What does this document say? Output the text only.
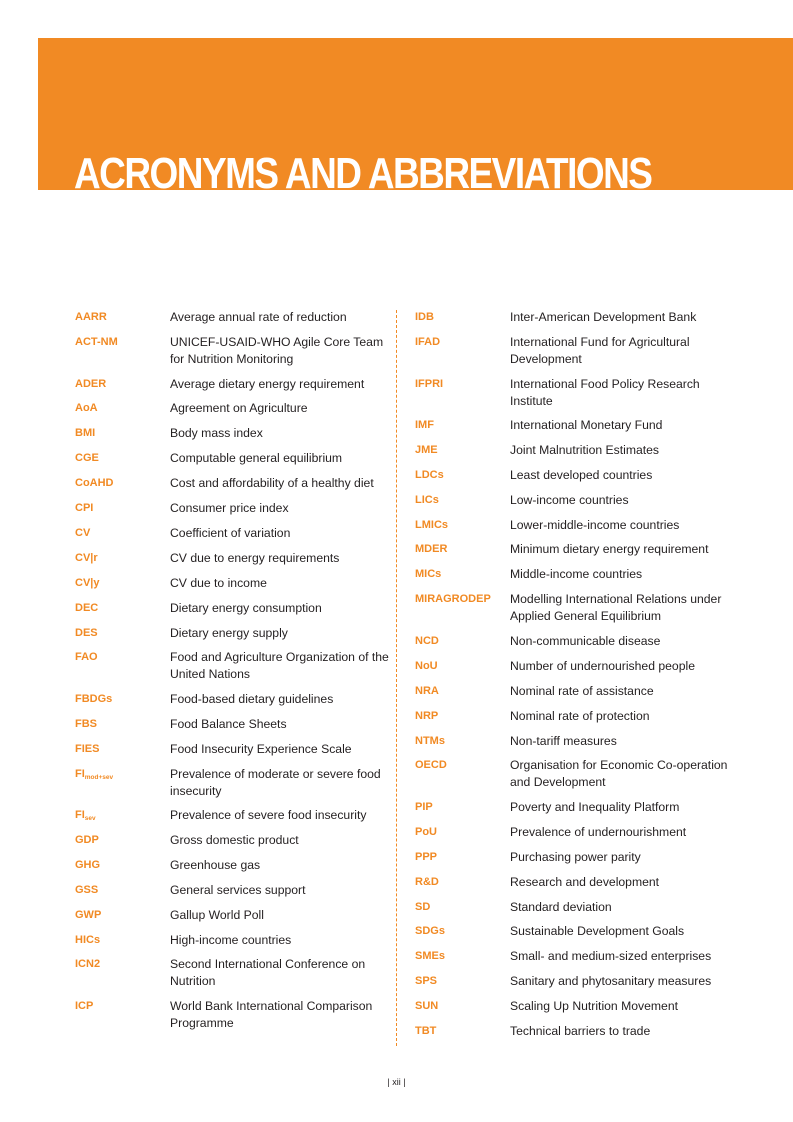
ACRONYMS AND ABBREVIATIONS
AARR	Average annual rate of reduction
ACT-NM	UNICEF-USAID-WHO Agile Core Team for Nutrition Monitoring
ADER	Average dietary energy requirement
AoA	Agreement on Agriculture
BMI	Body mass index
CGE	Computable general equilibrium
CoAHD	Cost and affordability of a healthy diet
CPI	Consumer price index
CV	Coefficient of variation
CV|r	CV due to energy requirements
CV|y	CV due to income
DEC	Dietary energy consumption
DES	Dietary energy supply
FAO	Food and Agriculture Organization of the United Nations
FBDGs	Food-based dietary guidelines
FBS	Food Balance Sheets
FIES	Food Insecurity Experience Scale
$FI_{mod+sev}$	Prevalence of moderate or severe food insecurity
$FI_{sev}$	Prevalence of severe food insecurity
GDP	Gross domestic product
GHG	Greenhouse gas
GSS	General services support
GWP	Gallup World Poll
HICs	High-income countries
ICN2	Second International Conference on Nutrition
ICP	World Bank International Comparison Programme
IDB	Inter-American Development Bank
IFAD	International Fund for Agricultural Development
IFPRI	International Food Policy Research Institute
IMF	International Monetary Fund
JME	Joint Malnutrition Estimates
LDCs	Least developed countries
LICs	Low-income countries
LMICs	Lower-middle-income countries
MDER	Minimum dietary energy requirement
MICs	Middle-income countries
MIRAGRODEP Modelling International Relations under Applied General Equilibrium
NCD	Non-communicable disease
NoU	Number of undernourished people
NRA	Nominal rate of assistance
NRP	Nominal rate of protection
NTMs	Non-tariff measures
OECD	Organisation for Economic Co-operation and Development
PIP	Poverty and Inequality Platform
PoU	Prevalence of undernourishment
PPP	Purchasing power parity
R&D	Research and development
SD	Standard deviation
SDGs	Sustainable Development Goals
SMEs	Small- and medium-sized enterprises
SPS	Sanitary and phytosanitary measures
SUN	Scaling Up Nutrition Movement
TBT	Technical barriers to trade
| xii |
